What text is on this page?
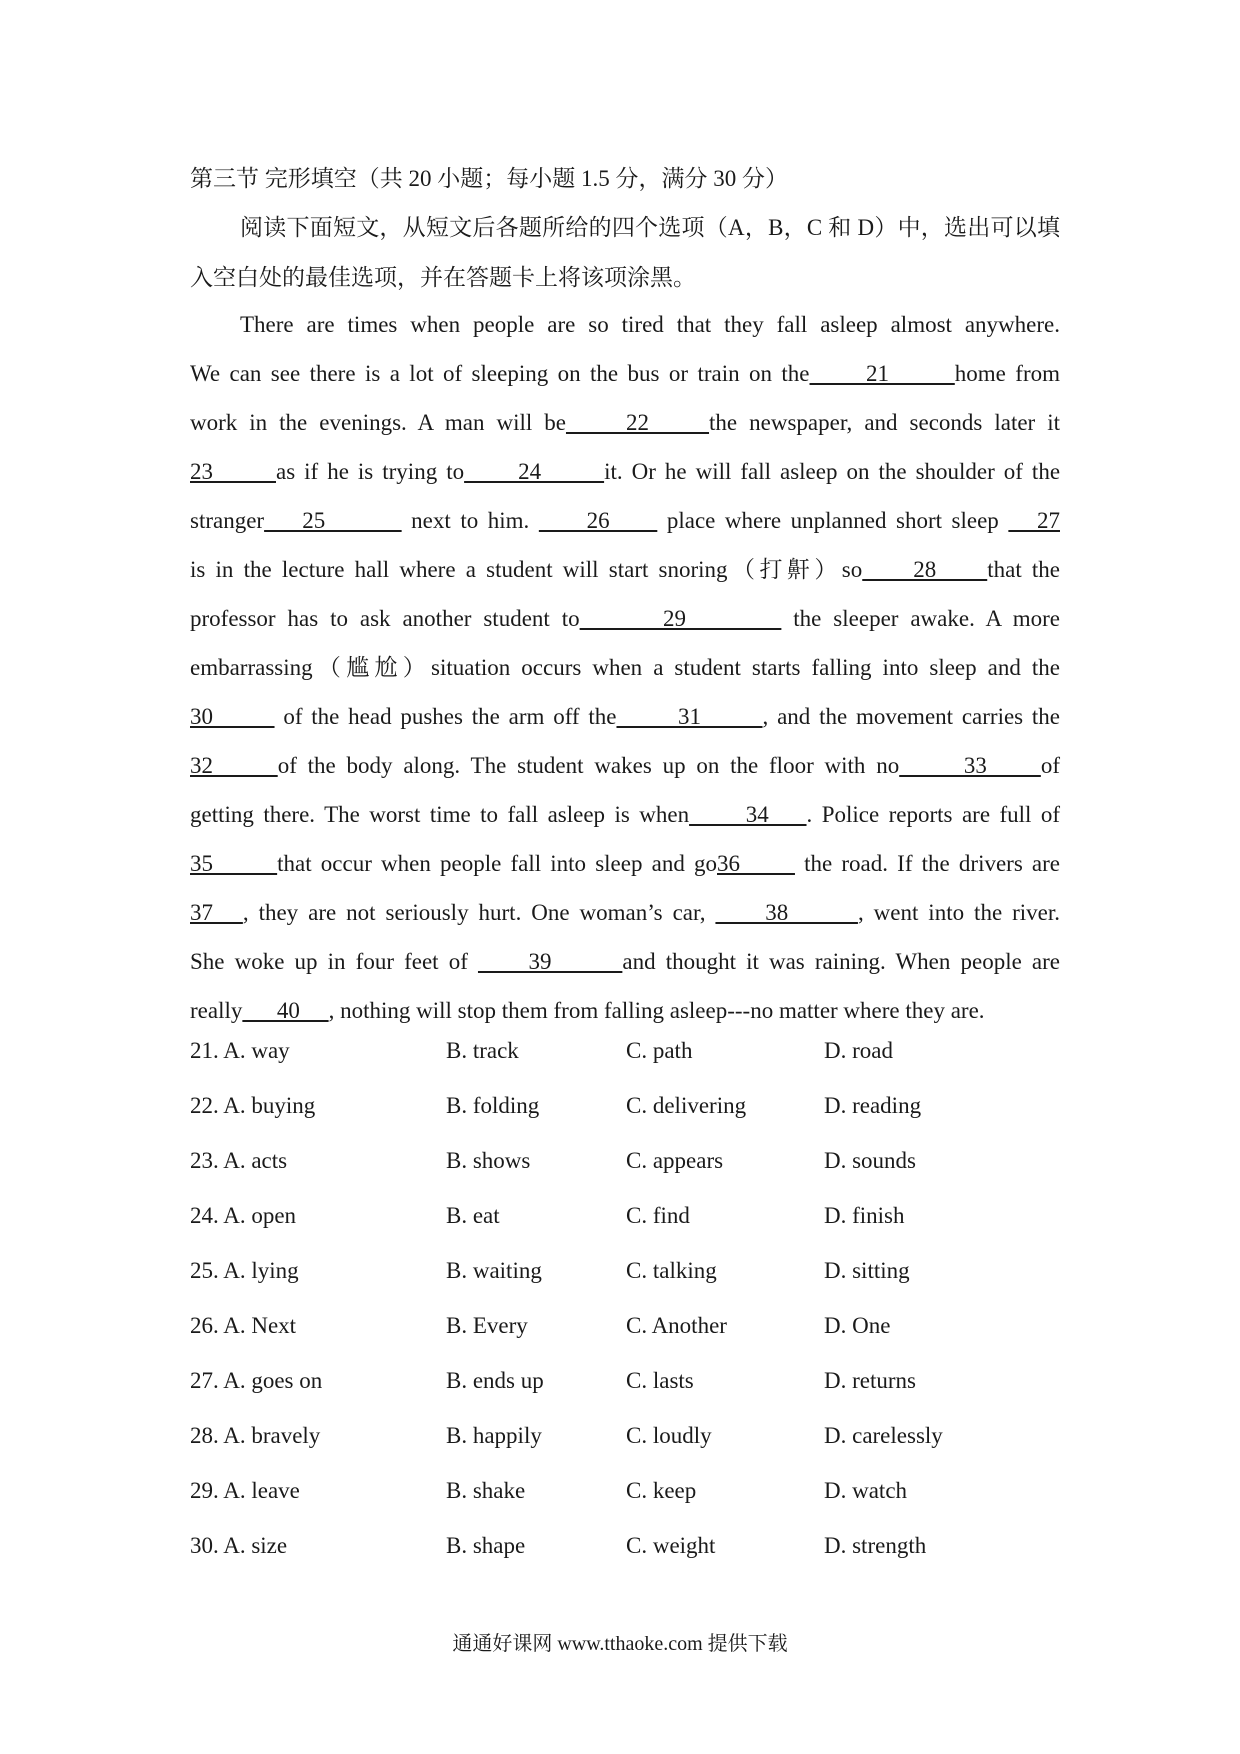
第三节 完形填空（共 20 小题；每小题 1.5 分，满分 30 分）
阅读下面短文，从短文后各题所给的四个选项（A，B，C 和 D）中，选出可以填入空白处的最佳选项，并在答题卡上将该项涂黑。
There are times when people are so tired that they fall asleep almost anywhere.
We can see there is a lot of sleeping on the bus or train on the      21       home from
work in the evenings. A man will be     22     the newspaper, and seconds later it
23       as if he is trying to      24       it. Or he will fall asleep on the shoulder of the
stranger    25         next to him.      26      place where unplanned short sleep    27
is in the lecture hall where a student will start snoring（打鼾）so     28     that the
professor has to ask another student to       29         the sleeper awake. A more
embarrassing（尴尬）situation occurs when a student starts falling into sleep and the
30        of the head pushes the arm off the       31       , and the movement carries the
32      of the body along. The student wakes up on the floor with no      33     of
getting there. The worst time to fall asleep is when      34    . Police reports are full of
35       that occur when people fall into sleep and go36       the road. If the drivers are
37   , they are not seriously hurt. One woman’s car,      38       , went into the river.
She woke up in four feet of      39       and thought it was raining. When people are
really      40     , nothing will stop them from falling asleep---no matter where they are.
21. A. way	B. track	C. path	D. road
22. A. buying	B. folding	C. delivering	D. reading
23. A. acts	B. shows	C. appears	D. sounds
24. A. open	B. eat	C. find	D. finish
25. A. lying	B. waiting	C. talking	D. sitting
26. A. Next	B. Every	C. Another	D. One
27. A. goes on	B. ends up	C. lasts	D. returns
28. A. bravely	B. happily	C. loudly	D. carelessly
29. A. leave	B. shake	C. keep	D. watch
30. A. size	B. shape	C. weight	D. strength
通通好课网 www.tthaoke.com 提供下载
